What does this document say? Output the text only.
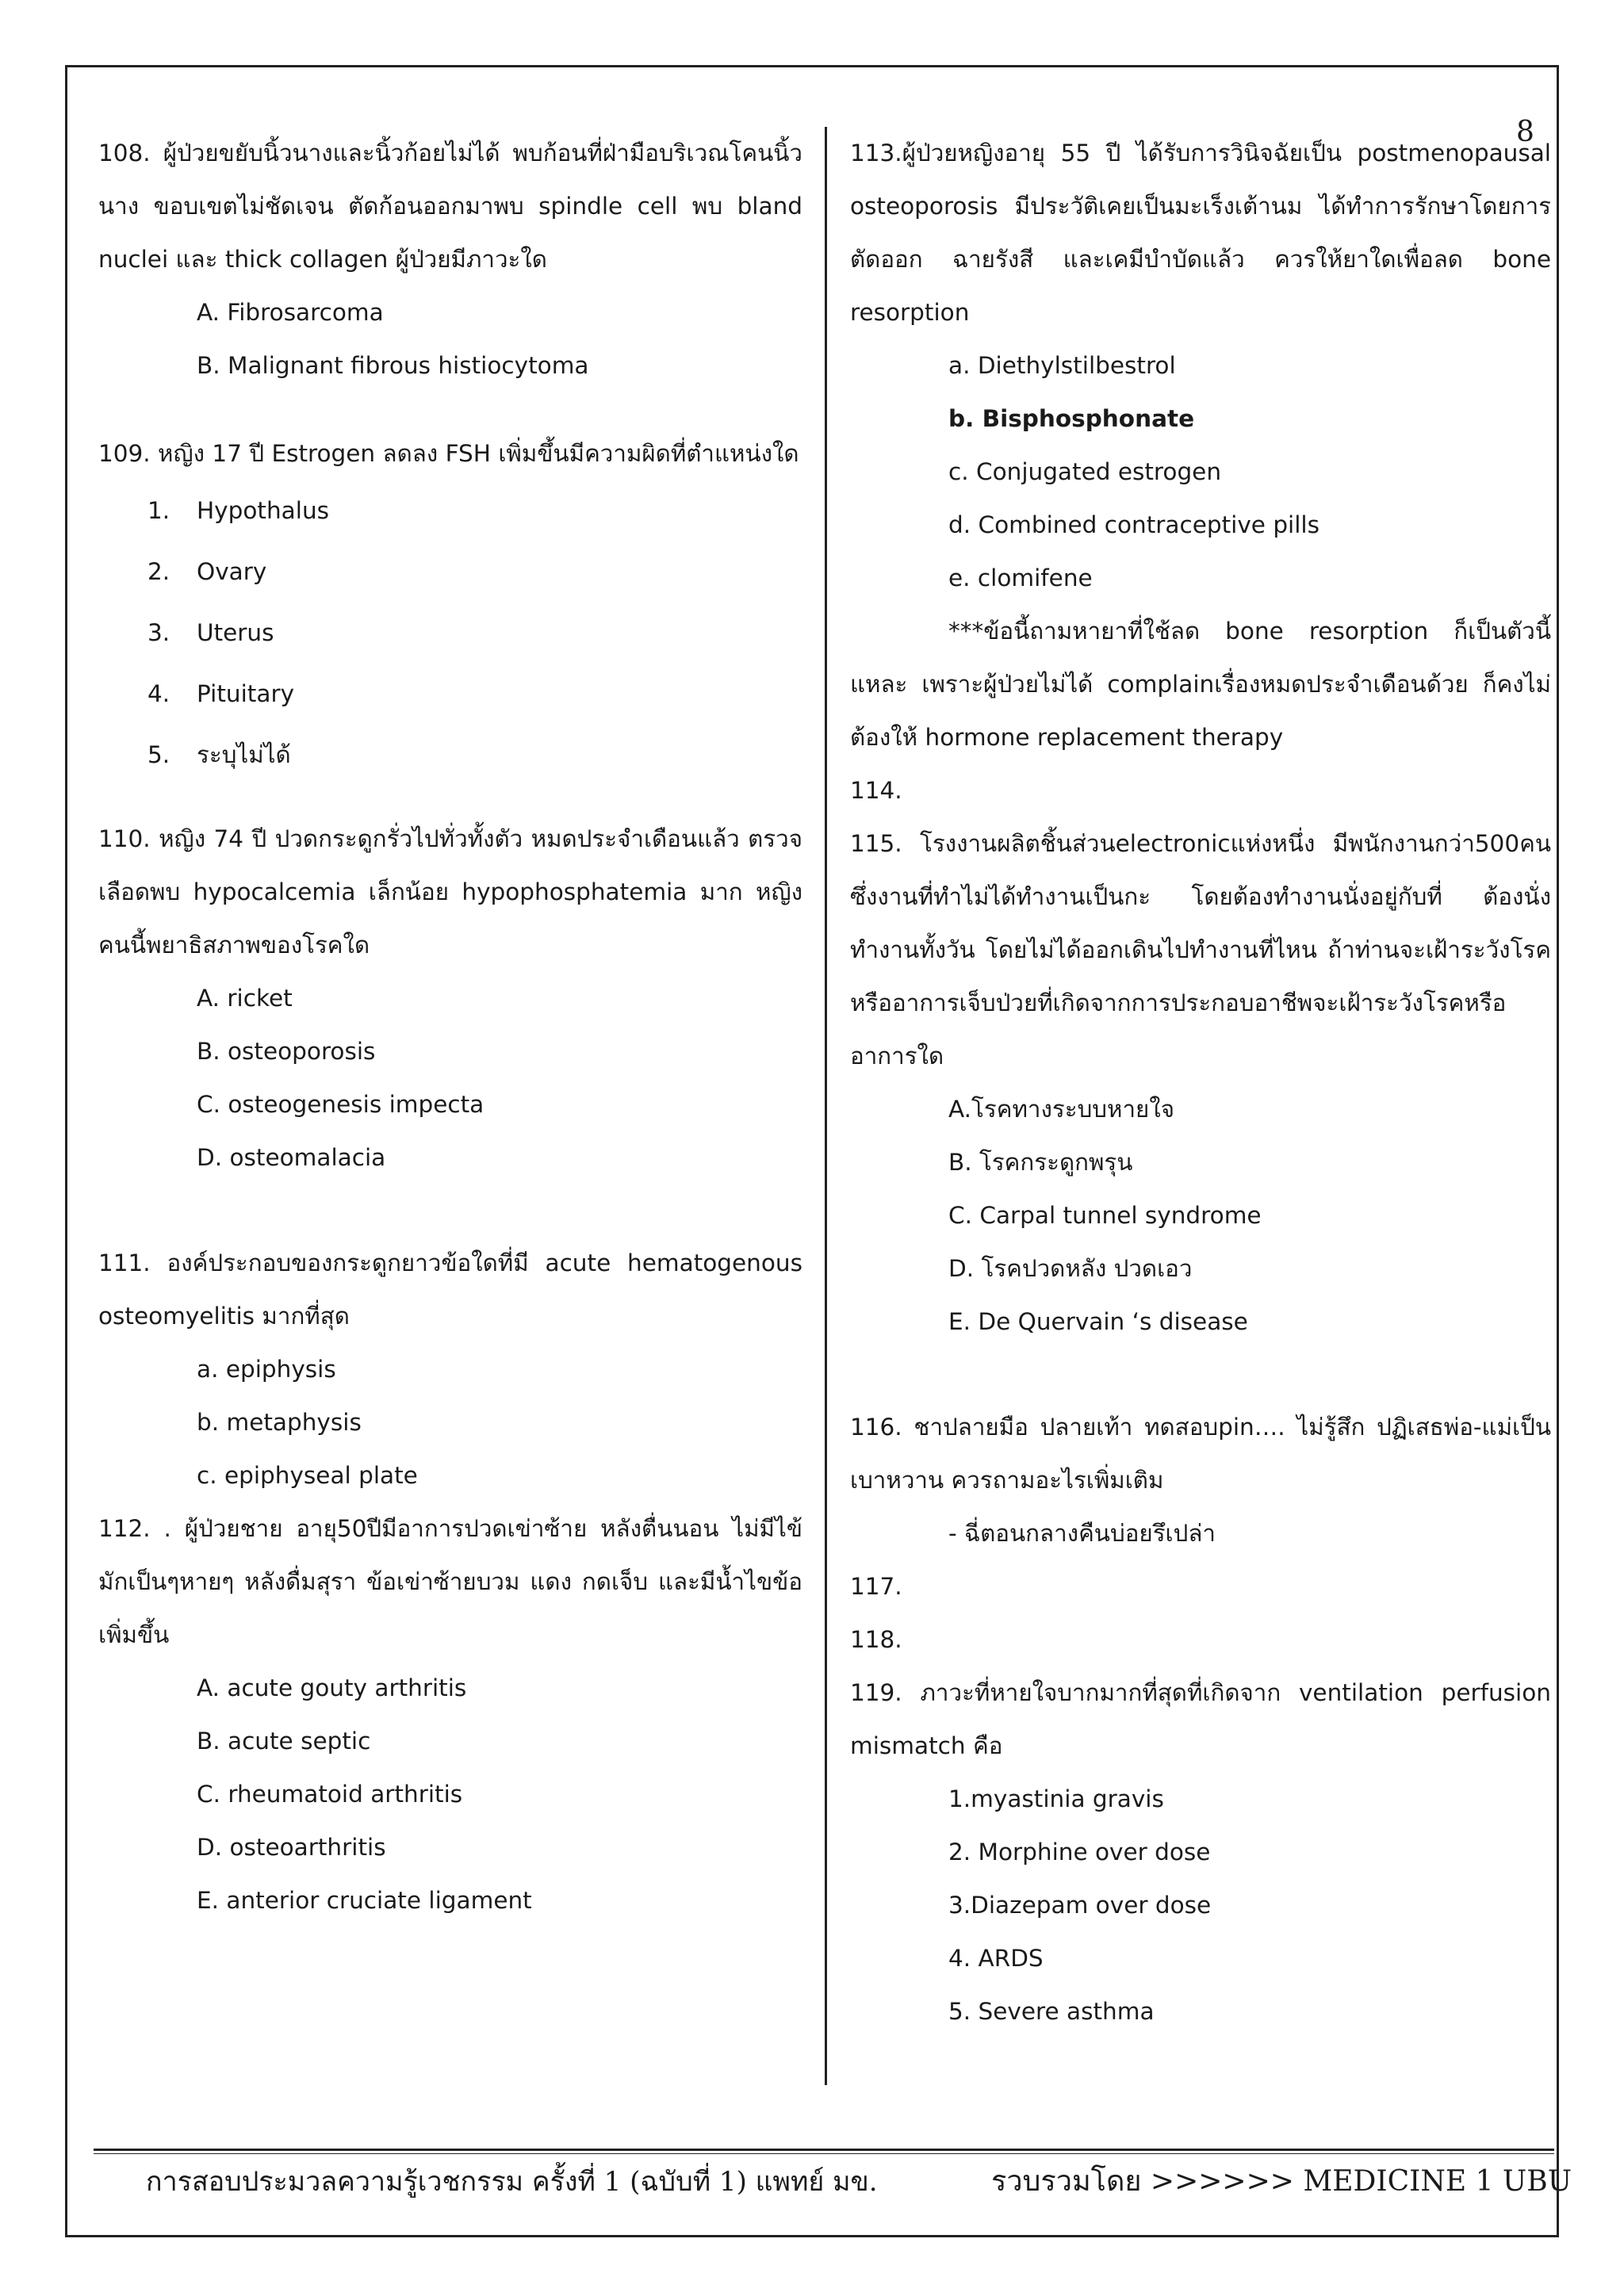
8

108. ผู้ป่วยขยับนิ้วนางและนิ้วก้อยไม่ได้ พบก้อนที่ฝ่ามือบริเวณโคนนิ้วนาง ขอบเขตไม่ชัดเจน ตัดก้อนออกมาพบ spindle cell พบ bland nuclei และ thick collagen ผู้ป่วยมีภาวะใด

A. Fibrosarcoma

B. Malignant fibrous histiocytoma

109. หญิง 17 ปี Estrogen ลดลง FSH เพิ่มขึ้นมีความผิดที่ตำแหน่งใด

1. Hypothalus

2. Ovary

3. Uterus

4. Pituitary

5. ระบุไม่ได้

110. หญิง 74 ปี ปวดกระดูกรั่วไปทั่วทั้งตัว หมดประจำเดือนแล้ว ตรวจเลือดพบ hypocalcemia เล็กน้อย hypophosphatemia มาก หญิงคนนี้พยาธิสภาพของโรคใด

A. ricket

B. osteoporosis

C. osteogenesis impecta

D. osteomalacia

111. องค์ประกอบของกระดูกยาวข้อใดที่มี acute hematogenous osteomyelitis มากที่สุด

a. epiphysis

b. metaphysis

c. epiphyseal plate

112. . ผู้ป่วยชาย อายุ50ปีมีอาการปวดเข่าซ้าย หลังตื่นนอน ไม่มีไข้ มักเป็นๆหายๆ หลังดื่มสุรา ข้อเข่าซ้ายบวม แดง กดเจ็บ และมีน้ำไขข้อเพิ่มขึ้น

A. acute gouty arthritis

B. acute septic

C. rheumatoid arthritis

D. osteoarthritis

E. anterior cruciate ligament

113.ผู้ป่วยหญิงอายุ 55 ปี ได้รับการวินิจฉัยเป็น postmenopausal osteoporosis มีประวัติเคยเป็นมะเร็งเต้านม ได้ทำการรักษาโดยการตัดออก ฉายรังสี และเคมีบำบัดแล้ว ควรให้ยาใดเพื่อลด bone resorption

a. Diethylstilbestrol

b. Bisphosphonate

c. Conjugated estrogen

d. Combined contraceptive pills

e. clomifene

***ข้อนี้ถามหายาที่ใช้ลด bone resorption ก็เป็นตัวนี้แหละ เพราะผู้ป่วยไม่ได้ complainเรื่องหมดประจำเดือนด้วย ก็คงไม่ต้องให้ hormone replacement therapy

114.

115. โรงงานผลิตชิ้นส่วนelectronicแห่งหนึ่ง มีพนักงานกว่า500คน ซึ่งงานที่ทำไม่ได้ทำงานเป็นกะ โดยต้องทำงานนั่งอยู่กับที่ ต้องนั่งทำงานทั้งวัน โดยไม่ได้ออกเดินไปทำงานที่ไหน ถ้าท่านจะเฝ้าระวังโรคหรืออาการเจ็บป่วยที่เกิดจากการประกอบอาชีพจะเฝ้าระวังโรคหรืออาการใด

A.โรคทางระบบหายใจ

B. โรคกระดูกพรุน

C. Carpal tunnel syndrome

D. โรคปวดหลัง ปวดเอว

E. De Quervain ‘s disease

116. ชาปลายมือ ปลายเท้า ทดสอบpin…. ไม่รู้สึก ปฏิเสธพ่อ-แม่เป็นเบาหวาน ควรถามอะไรเพิ่มเติม

- ฉี่ตอนกลางคืนบ่อยรึเปล่า

117.

118.

119. ภาวะที่หายใจบากมากที่สุดที่เกิดจาก ventilation perfusion mismatch คือ

1.myastinia gravis

2. Morphine over dose

3.Diazepam over dose

4. ARDS

5. Severe asthma

การสอบประมวลความรู้เวชกรรม ครั้งที่ 1 (ฉบับที่ 1) แพทย์ มข.	รวบรวมโดย >>>>>> MEDICINE 1 UBU
